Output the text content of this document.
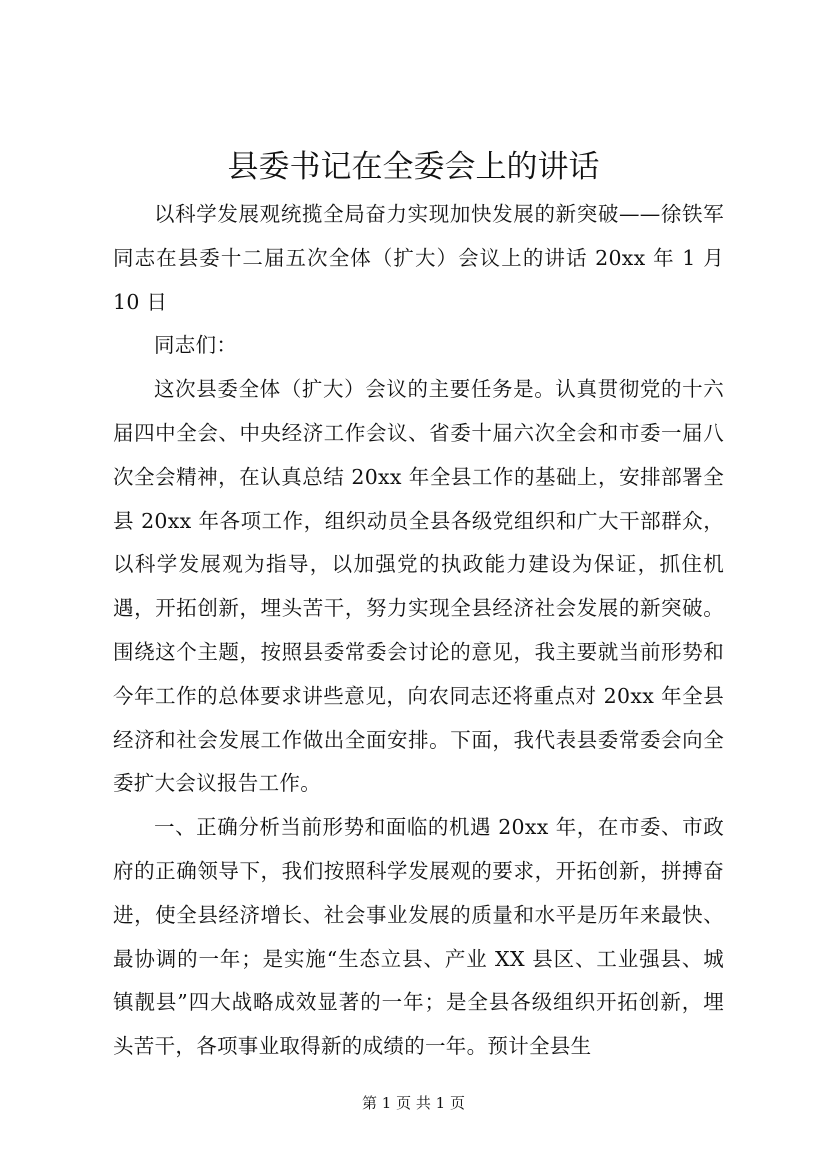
县委书记在全委会上的讲话

以科学发展观统揽全局奋力实现加快发展的新突破——徐铁军同志在县委十二届五次全体（扩大）会议上的讲话 20xx 年 1 月 10 日

同志们：

这次县委全体（扩大）会议的主要任务是。认真贯彻党的十六届四中全会、中央经济工作会议、省委十届六次全会和市委一届八次全会精神，在认真总结 20xx 年全县工作的基础上，安排部署全县 20xx 年各项工作，组织动员全县各级党组织和广大干部群众，以科学发展观为指导，以加强党的执政能力建设为保证，抓住机遇，开拓创新，埋头苦干，努力实现全县经济社会发展的新突破。围绕这个主题，按照县委常委会讨论的意见，我主要就当前形势和今年工作的总体要求讲些意见，向农同志还将重点对 20xx 年全县经济和社会发展工作做出全面安排。下面，我代表县委常委会向全委扩大会议报告工作。

一、正确分析当前形势和面临的机遇 20xx 年，在市委、市政府的正确领导下，我们按照科学发展观的要求，开拓创新，拼搏奋进，使全县经济增长、社会事业发展的质量和水平是历年来最快、最协调的一年；是实施“生态立县、产业 XX 县区、工业强县、城镇靓县”四大战略成效显著的一年；是全县各级组织开拓创新，埋头苦干，各项事业取得新的成绩的一年。预计全县生

第 1 页 共 1 页
